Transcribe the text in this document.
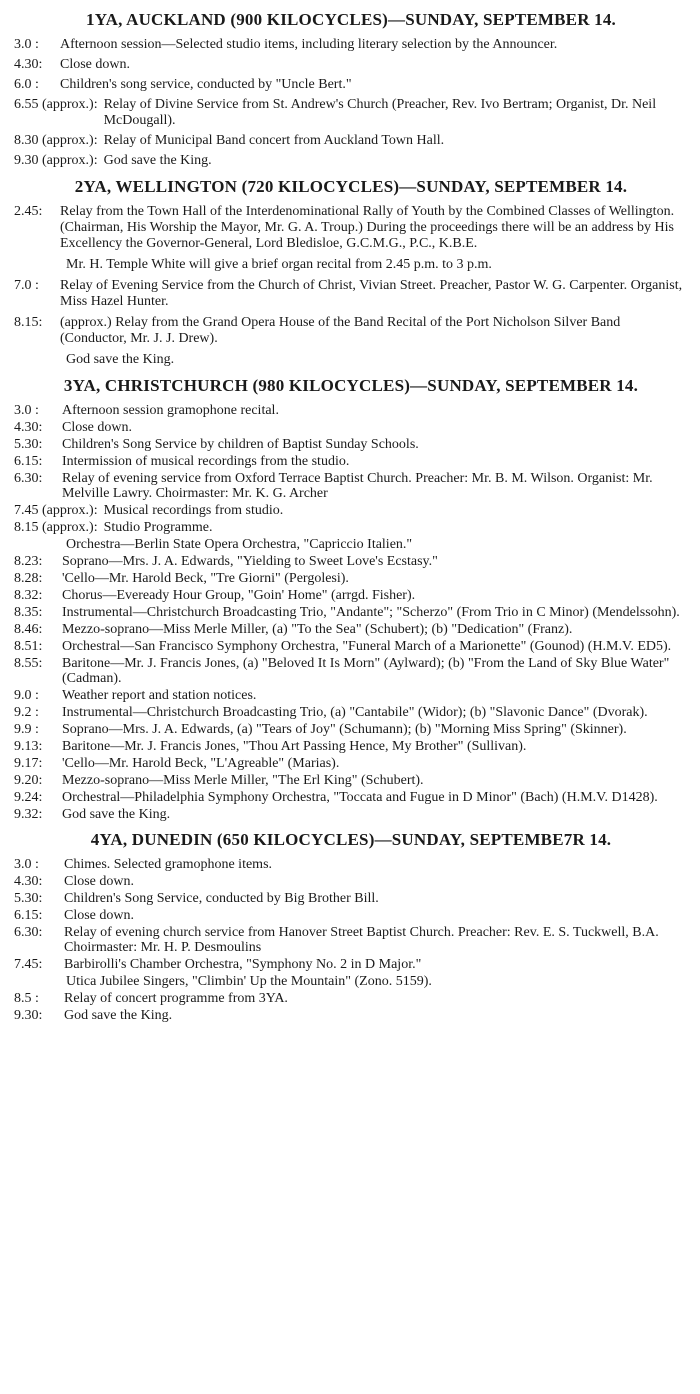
1YA, AUCKLAND (900 KILOCYCLES)—SUNDAY, SEPTEMBER 14.
3.0 :	Afternoon session—Selected studio items, including literary selection by the Announcer.
4.30:	Close down.
6.0 :	Children's song service, conducted by "Uncle Bert."
6.55 (approx.): Relay of Divine Service from St. Andrew's Church (Preacher, Rev. Ivo Bertram; Organist, Dr. Neil McDougall).
8.30 (approx.): Relay of Municipal Band concert from Auckland Town Hall.
9.30 (approx.): God save the King.
2YA, WELLINGTON (720 KILOCYCLES)—SUNDAY, SEPTEMBER 14.
2.45:	Relay from the Town Hall of the Interdenominational Rally of Youth by the Combined Classes of Wellington. (Chairman, His Worship the Mayor, Mr. G. A. Troup.) During the proceedings there will be an address by His Excellency the Governor-General, Lord Bledisloe, G.C.M.G., P.C., K.B.E.
Mr. H. Temple White will give a brief organ recital from 2.45 p.m. to 3 p.m.
7.0 :	Relay of Evening Service from the Church of Christ, Vivian Street. Preacher, Pastor W. G. Carpenter. Organist, Miss Hazel Hunter.
8.15:	(approx.) Relay from the Grand Opera House of the Band Recital of the Port Nicholson Silver Band (Conductor, Mr. J. J. Drew).
God save the King.
3YA, CHRISTCHURCH (980 KILOCYCLES)—SUNDAY, SEPTEMBER 14.
3.0 :	Afternoon session gramophone recital.
4.30:	Close down.
5.30:	Children's Song Service by children of Baptist Sunday Schools.
6.15:	Intermission of musical recordings from the studio.
6.30:	Relay of evening service from Oxford Terrace Baptist Church. Preacher: Mr. B. M. Wilson. Organist: Mr. Melville Lawry. Choirmaster: Mr. K. G. Archer
7.45 (approx.): Musical recordings from studio.
8.15 (approx.): Studio Programme.
Orchestra—Berlin State Opera Orchestra, "Capriccio Italien."
8.23:	Soprano—Mrs. J. A. Edwards, "Yielding to Sweet Love's Ecstasy."
8.28:	'Cello—Mr. Harold Beck, "Tre Giorni" (Pergolesi).
8.32:	Chorus—Eveready Hour Group, "Goin' Home" (arrgd. Fisher).
8.35:	Instrumental—Christchurch Broadcasting Trio, "Andante"; "Scherzo" (From Trio in C Minor) (Mendelssohn).
8.46:	Mezzo-soprano—Miss Merle Miller, (a) "To the Sea" (Schubert); (b) "Dedication" (Franz).
8.51:	Orchestral—San Francisco Symphony Orchestra, "Funeral March of a Marionette" (Gounod) (H.M.V. ED5).
8.55:	Baritone—Mr. J. Francis Jones, (a) "Beloved It Is Morn" (Aylward); (b) "From the Land of Sky Blue Water" (Cadman).
9.0 :	Weather report and station notices.
9.2 :	Instrumental—Christchurch Broadcasting Trio, (a) "Cantabile" (Widor); (b) "Slavonic Dance" (Dvorak).
9.9 :	Soprano—Mrs. J. A. Edwards, (a) "Tears of Joy" (Schumann); (b) "Morning Miss Spring" (Skinner).
9.13:	Baritone—Mr. J. Francis Jones, "Thou Art Passing Hence, My Brother" (Sullivan).
9.17:	'Cello—Mr. Harold Beck, "L'Agreable" (Marias).
9.20:	Mezzo-soprano—Miss Merle Miller, "The Erl King" (Schubert).
9.24:	Orchestral—Philadelphia Symphony Orchestra, "Toccata and Fugue in D Minor" (Bach) (H.M.V. D1428).
9.32:	God save the King.
4YA, DUNEDIN (650 KILOCYCLES)—SUNDAY, SEPTEMBE7R 14.
3.0 :	Chimes. Selected gramophone items.
4.30:	Close down.
5.30:	Children's Song Service, conducted by Big Brother Bill.
6.15:	Close down.
6.30:	Relay of evening church service from Hanover Street Baptist Church. Preacher: Rev. E. S. Tuckwell, B.A. Choirmaster: Mr. H. P. Desmoulins
7.45:	Barbirolli's Chamber Orchestra, "Symphony No. 2 in D Major."
Utica Jubilee Singers, "Climbin' Up the Mountain" (Zono. 5159).
8.5 :	Relay of concert programme from 3YA.
9.30:	God save the King.
